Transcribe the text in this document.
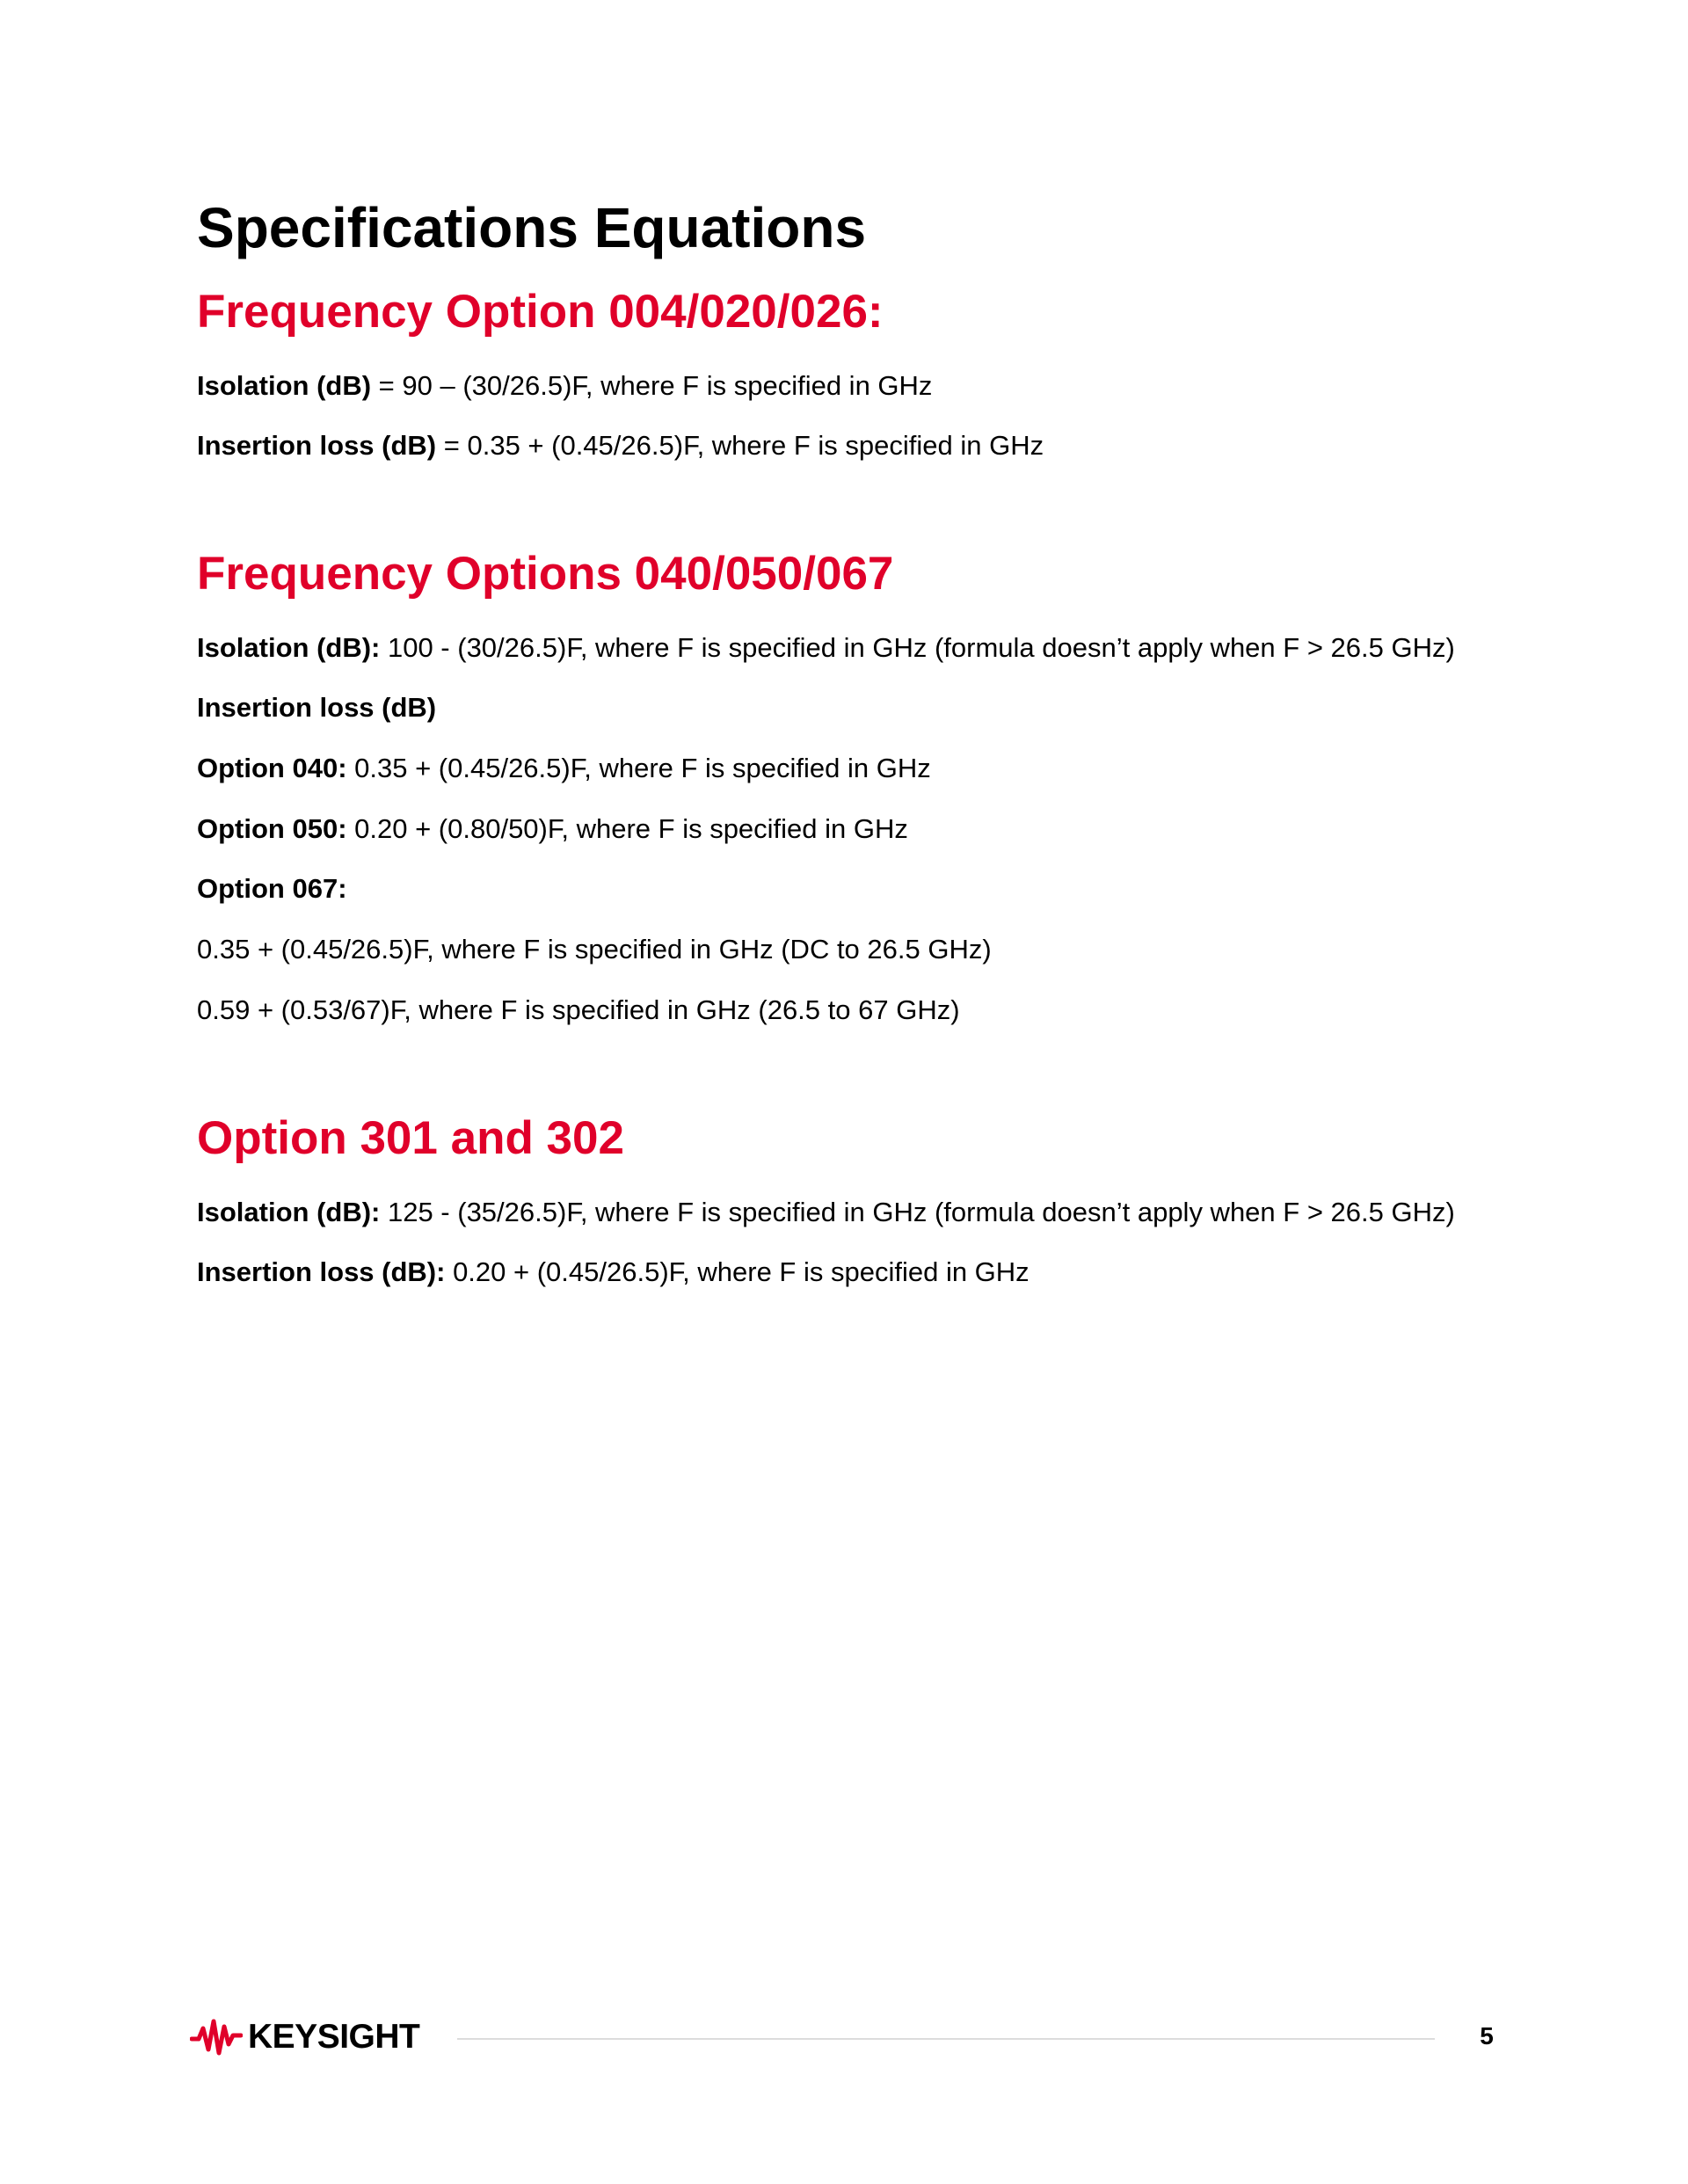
Specifications Equations
Frequency Option 004/020/026:

Isolation (dB) = 90 – (30/26.5)F, where F is specified in GHz

Insertion loss (dB) = 0.35 + (0.45/26.5)F, where F is specified in GHz

Frequency Options 040/050/067

Isolation (dB): 100 - (30/26.5)F, where F is specified in GHz (formula doesn’t apply when F > 26.5 GHz)

Insertion loss (dB)

Option 040: 0.35 + (0.45/26.5)F, where F is specified in GHz

Option 050: 0.20 + (0.80/50)F, where F is specified in GHz

Option 067:

0.35 + (0.45/26.5)F, where F is specified in GHz (DC to 26.5 GHz)

0.59 + (0.53/67)F, where F is specified in GHz (26.5 to 67 GHz)

Option 301 and 302

Isolation (dB): 125 - (35/26.5)F, where F is specified in GHz (formula doesn’t apply when F > 26.5 GHz)

Insertion loss (dB): 0.20 + (0.45/26.5)F, where F is specified in GHz

KEYSIGHT	5
